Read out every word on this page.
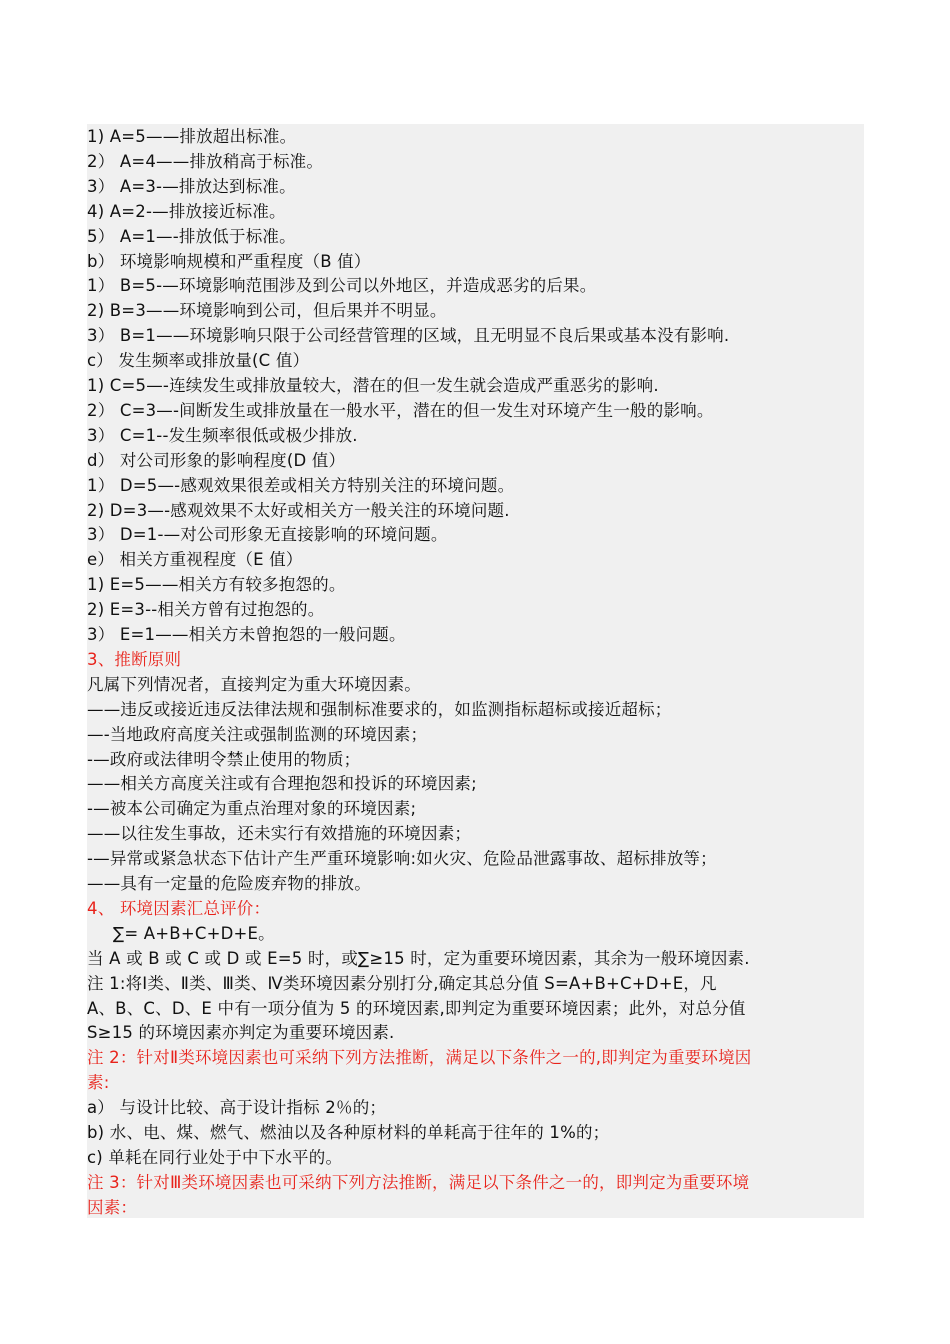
1) A=5——排放超出标准。
2） A=4——排放稍高于标准。
3） A=3-—排放达到标准。
4) A=2-—排放接近标准。
5） A=1—-排放低于标准。
b） 环境影响规模和严重程度（B 值）
1） B=5-—环境影响范围涉及到公司以外地区，并造成恶劣的后果。
2) B=3——环境影响到公司，但后果并不明显。
3） B=1——环境影响只限于公司经营管理的区域，且无明显不良后果或基本没有影响.
c） 发生频率或排放量(C 值）
1) C=5—-连续发生或排放量较大，潜在的但一发生就会造成严重恶劣的影响.
2） C=3—-间断发生或排放量在一般水平，潜在的但一发生对环境产生一般的影响。
3） C=1--发生频率很低或极少排放.
d） 对公司形象的影响程度(D 值）
1） D=5—-感观效果很差或相关方特别关注的环境问题。
2) D=3—-感观效果不太好或相关方一般关注的环境问题.
3） D=1-—对公司形象无直接影响的环境问题。
e） 相关方重视程度（E 值）
1) E=5——相关方有较多抱怨的。
2) E=3--相关方曾有过抱怨的。
3） E=1——相关方未曾抱怨的一般问题。
3、推断原则
凡属下列情况者，直接判定为重大环境因素。
——违反或接近违反法律法规和强制标准要求的，如监测指标超标或接近超标；
—-当地政府高度关注或强制监测的环境因素；
-—政府或法律明令禁止使用的物质；
——相关方高度关注或有合理抱怨和投诉的环境因素;
-—被本公司确定为重点治理对象的环境因素;
——以往发生事故，还未实行有效措施的环境因素；
-—异常或紧急状态下估计产生严重环境影响:如火灾、危险品泄露事故、超标排放等；
——具有一定量的危险废弃物的排放。
4、 环境因素汇总评价：
∑= A+B+C+D+E。
当 A 或 B 或 C 或 D 或 E=5 时，或∑≥15 时，定为重要环境因素，其余为一般环境因素.
注 1:将Ⅰ类、Ⅱ类、Ⅲ类、Ⅳ类环境因素分别打分,确定其总分值 S=A+B+C+D+E，凡
A、B、C、D、E 中有一项分值为 5 的环境因素,即判定为重要环境因素；此外，对总分值
S≥15 的环境因素亦判定为重要环境因素.
注 2：针对Ⅱ类环境因素也可采纳下列方法推断，满足以下条件之一的,即判定为重要环境因
素:
a） 与设计比较、高于设计指标 2％的；
b) 水、电、煤、燃气、燃油以及各种原材料的单耗高于往年的 1%的；
c) 单耗在同行业处于中下水平的。
注 3：针对Ⅲ类环境因素也可采纳下列方法推断，满足以下条件之一的，即判定为重要环境
因素：
